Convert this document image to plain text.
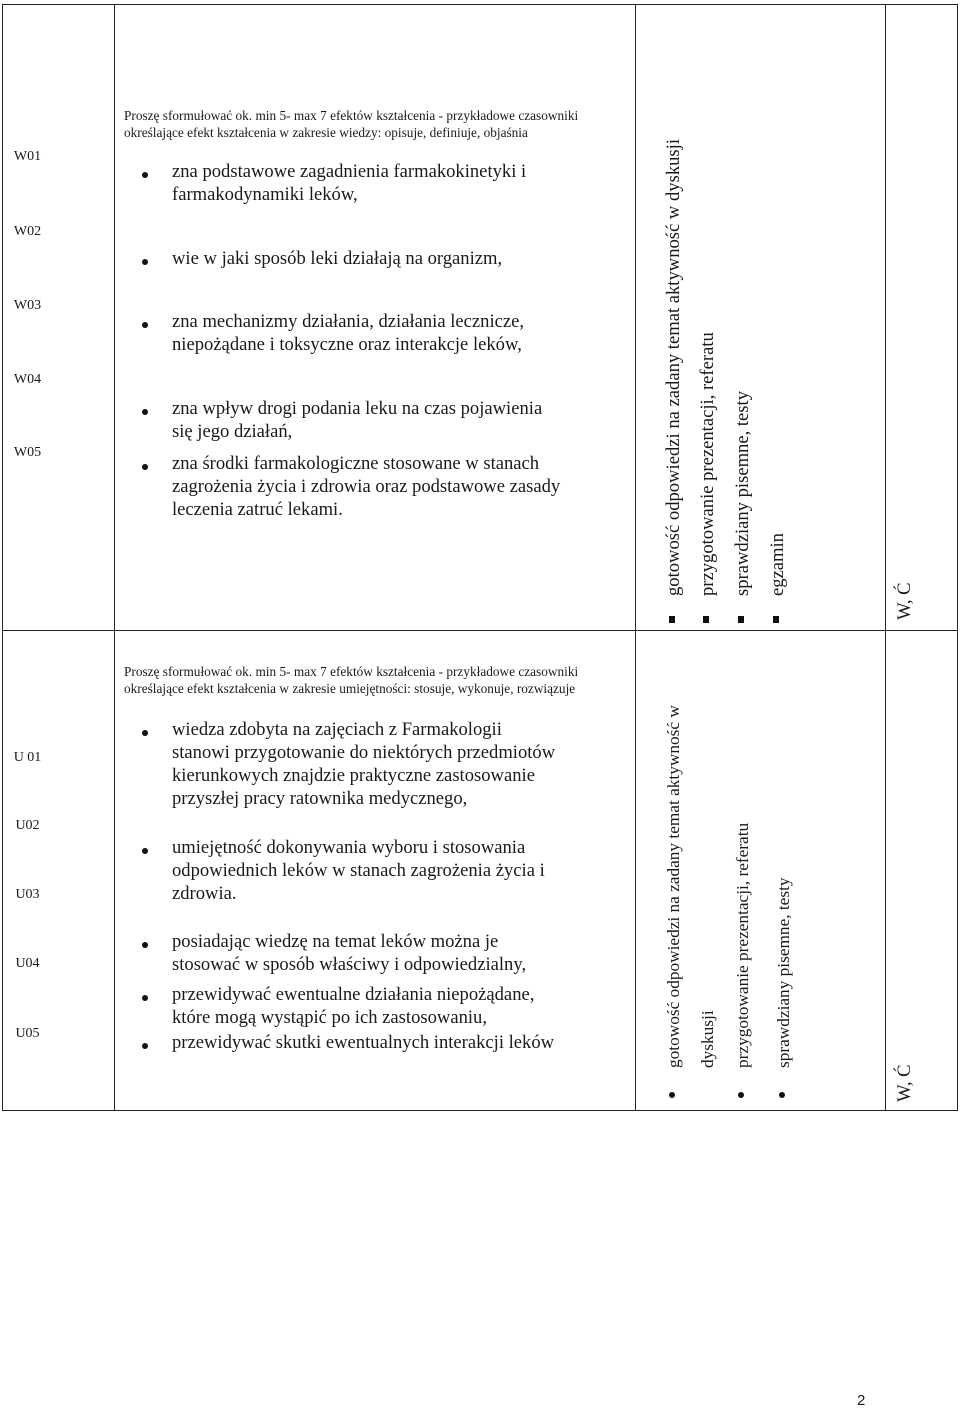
W01
W02
W03
W04
W05
Proszę sformułować ok. min 5- max 7 efektów kształcenia - przykładowe czasowniki
określające efekt kształcenia w zakresie wiedzy: opisuje, definiuje, objaśnia
zna podstawowe zagadnienia farmakokinetyki i
farmakodynamiki leków,
wie w jaki sposób leki działają na organizm,
zna mechanizmy działania, działania lecznicze,
niepożądane i toksyczne oraz interakcje leków,
zna wpływ drogi podania leku na czas pojawienia
się jego działań,
zna środki farmakologiczne stosowane w stanach
zagrożenia życia i zdrowia oraz podstawowe zasady
leczenia zatruć lekami.	gotowość odpowiedzi na zadany temat aktywność w dyskusji przygotowanie prezentacji, referatu sprawdziany pisemne, testy egzamin
W, Ć
U 01
U02
U03
U04
U05
Proszę sformułować ok. min 5- max 7 efektów kształcenia - przykładowe czasowniki
określające efekt kształcenia w zakresie umiejętności: stosuje, wykonuje, rozwiązuje
wiedza zdobyta na zajęciach z Farmakologii
stanowi przygotowanie do niektórych przedmiotów
kierunkowych znajdzie praktyczne zastosowanie
przyszłej pracy ratownika medycznego,
umiejętność dokonywania wyboru i stosowania
odpowiednich leków w stanach zagrożenia życia i
zdrowia.
posiadając wiedzę na temat leków można je
stosować w sposób właściwy i odpowiedzialny,
przewidywać ewentualne działania niepożądane,
które mogą wystąpić po ich zastosowaniu,
przewidywać skutki ewentualnych interakcji leków	gotowość odpowiedzi na zadany temat aktywność w dyskusji przygotowanie prezentacji, referatu sprawdziany pisemne, testy
W, Ć
2
